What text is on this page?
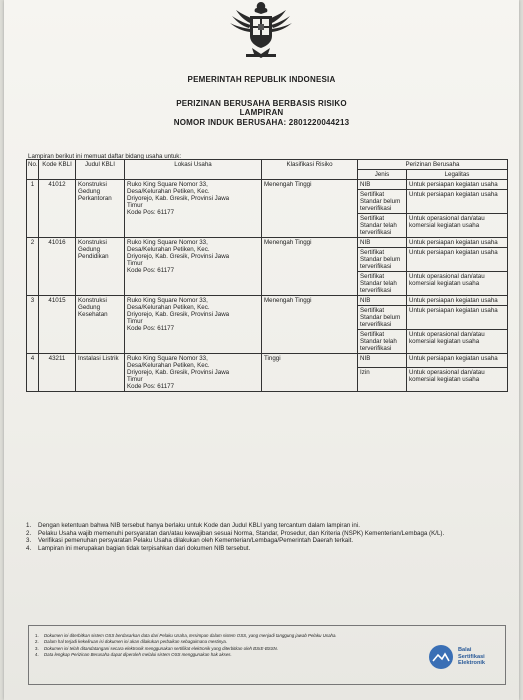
PEMERINTAH REPUBLIK INDONESIA
PERIZINAN BERUSAHA BERBASIS RISIKO
LAMPIRAN
NOMOR INDUK BERUSAHA: 2801220044213
Lampiran berikut ini memuat daftar bidang usaha untuk:
No.	Kode KBLI	Judul KBLI	Lokasi Usaha	Klasifikasi Risiko	Perizinan Berusaha	
					Jenis	Legalitas
1	41012	Konstruksi Gedung Perkantoran	Ruko King Square Nomor 33,
Desa/Kelurahan Petiken, Kec.
Driyorejo, Kab. Gresik, Provinsi Jawa
Timur
Kode Pos: 61177	Menengah Tinggi	NIB	Untuk persiapan kegiatan usaha
					Sertifikat Standar belum terverifikasi	Untuk persiapan kegiatan usaha
					Sertifikat Standar telah terverifikasi	Untuk operasional dan/atau komersial kegiatan usaha
2	41016	Konstruksi Gedung Pendidikan	Ruko King Square Nomor 33,
Desa/Kelurahan Petiken, Kec.
Driyorejo, Kab. Gresik, Provinsi Jawa
Timur
Kode Pos: 61177	Menengah Tinggi	NIB	Untuk persiapan kegiatan usaha
					Sertifikat Standar belum terverifikasi	Untuk persiapan kegiatan usaha
					Sertifikat Standar telah terverifikasi	Untuk operasional dan/atau komersial kegiatan usaha
3	41015	Konstruksi Gedung Kesehatan	Ruko King Square Nomor 33,
Desa/Kelurahan Petiken, Kec.
Driyorejo, Kab. Gresik, Provinsi Jawa
Timur
Kode Pos: 61177	Menengah Tinggi	NIB	Untuk persiapan kegiatan usaha
					Sertifikat Standar belum terverifikasi	Untuk persiapan kegiatan usaha
					Sertifikat Standar telah terverifikasi	Untuk operasional dan/atau komersial kegiatan usaha
4	43211	Instalasi Listrik	Ruko King Square Nomor 33,
Desa/Kelurahan Petiken, Kec.
Driyorejo, Kab. Gresik, Provinsi Jawa
Timur
Kode Pos: 61177	Tinggi	NIB	Untuk persiapan kegiatan usaha
					Izin	Untuk operasional dan/atau komersial kegiatan usaha
1.	Dengan ketentuan bahwa NIB tersebut hanya berlaku untuk Kode dan Judul KBLI yang tercantum dalam lampiran ini.
2.	Pelaku Usaha wajib memenuhi persyaratan dan/atau kewajiban sesuai Norma, Standar, Prosedur, dan Kriteria (NSPK) Kementerian/Lembaga (K/L).
3.	Verifikasi pemenuhan persyaratan Pelaku Usaha dilakukan oleh Kementerian/Lembaga/Pemerintah Daerah terkait.
4.	Lampiran ini merupakan bagian tidak terpisahkan dari dokumen NIB tersebut.
1.	Dokumen ini diterbitkan sistem OSS berdasarkan data dari Pelaku Usaha, tersimpan dalam sistem OSS, yang menjadi tanggung jawab Pelaku Usaha.
2.	Dalam hal terjadi kekeliruan isi dokumen ini akan dilakukan perbaikan sebagaimana mestinya.
3.	Dokumen ini telah ditandatangani secara elektronik menggunakan sertifikat elektronik yang diterbitkan oleh BSrE-BSSN.
4.	Data lengkap Perizinan Berusaha dapat diperoleh melalui sistem OSS menggunakan hak akses.
Balai
Sertifikasi
Elektronik
